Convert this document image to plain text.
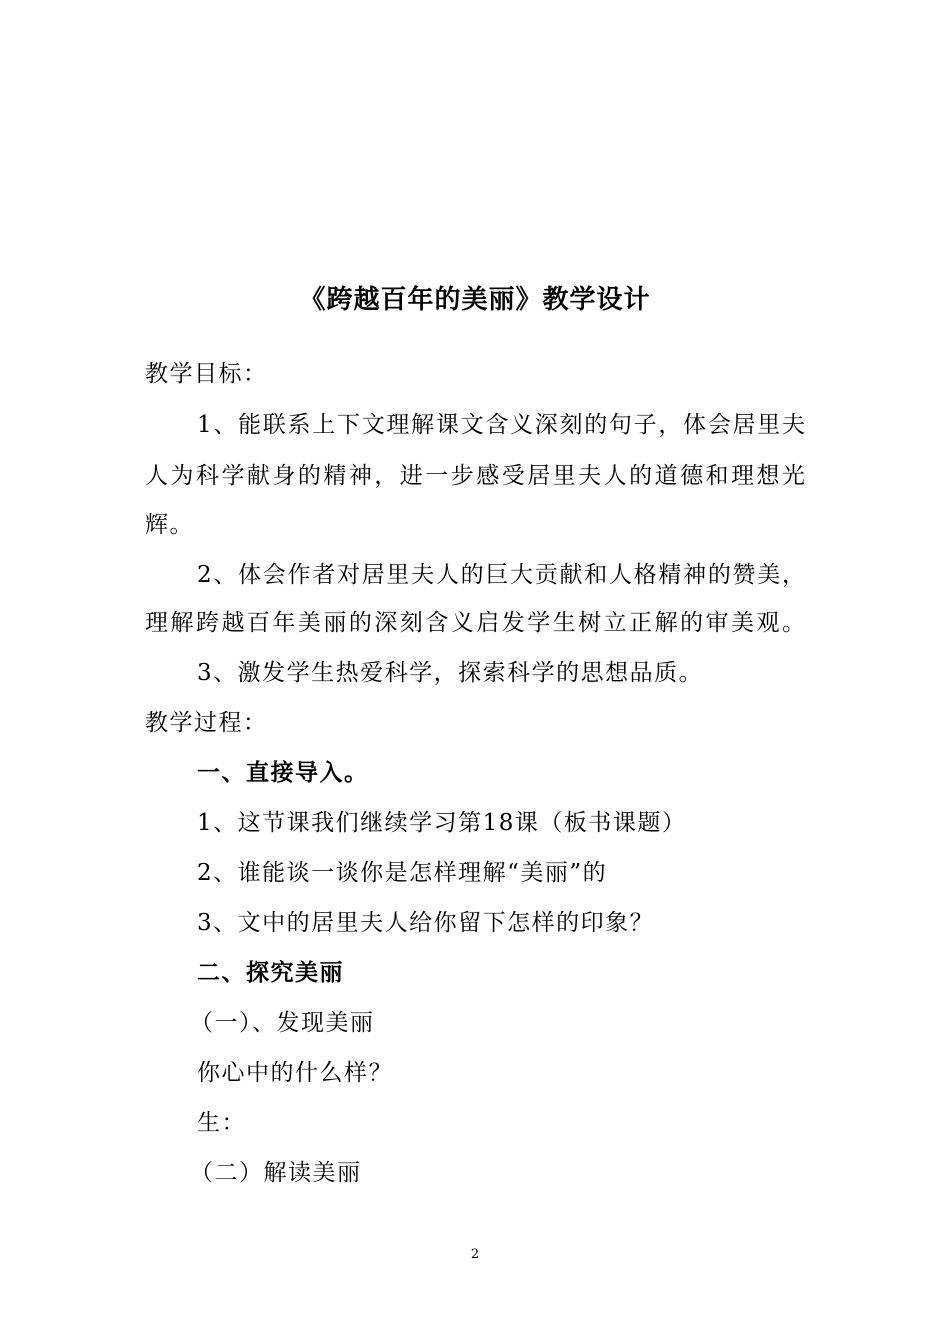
《跨越百年的美丽》教学设计
教学目标：
1、能联系上下文理解课文含义深刻的句子，体会居里夫
人为科学献身的精神，进一步感受居里夫人的道德和理想光
辉。
2、体会作者对居里夫人的巨大贡献和人格精神的赞美，
理解跨越百年美丽的深刻含义启发学生树立正解的审美观。
3、激发学生热爱科学，探索科学的思想品质。
教学过程：
一、直接导入。
1、这节课我们继续学习第18课（板书课题）
2、谁能谈一谈你是怎样理解“美丽”的
3、文中的居里夫人给你留下怎样的印象？
二、探究美丽
（一）、发现美丽
你心中的什么样？
生：
（二）解读美丽
2
